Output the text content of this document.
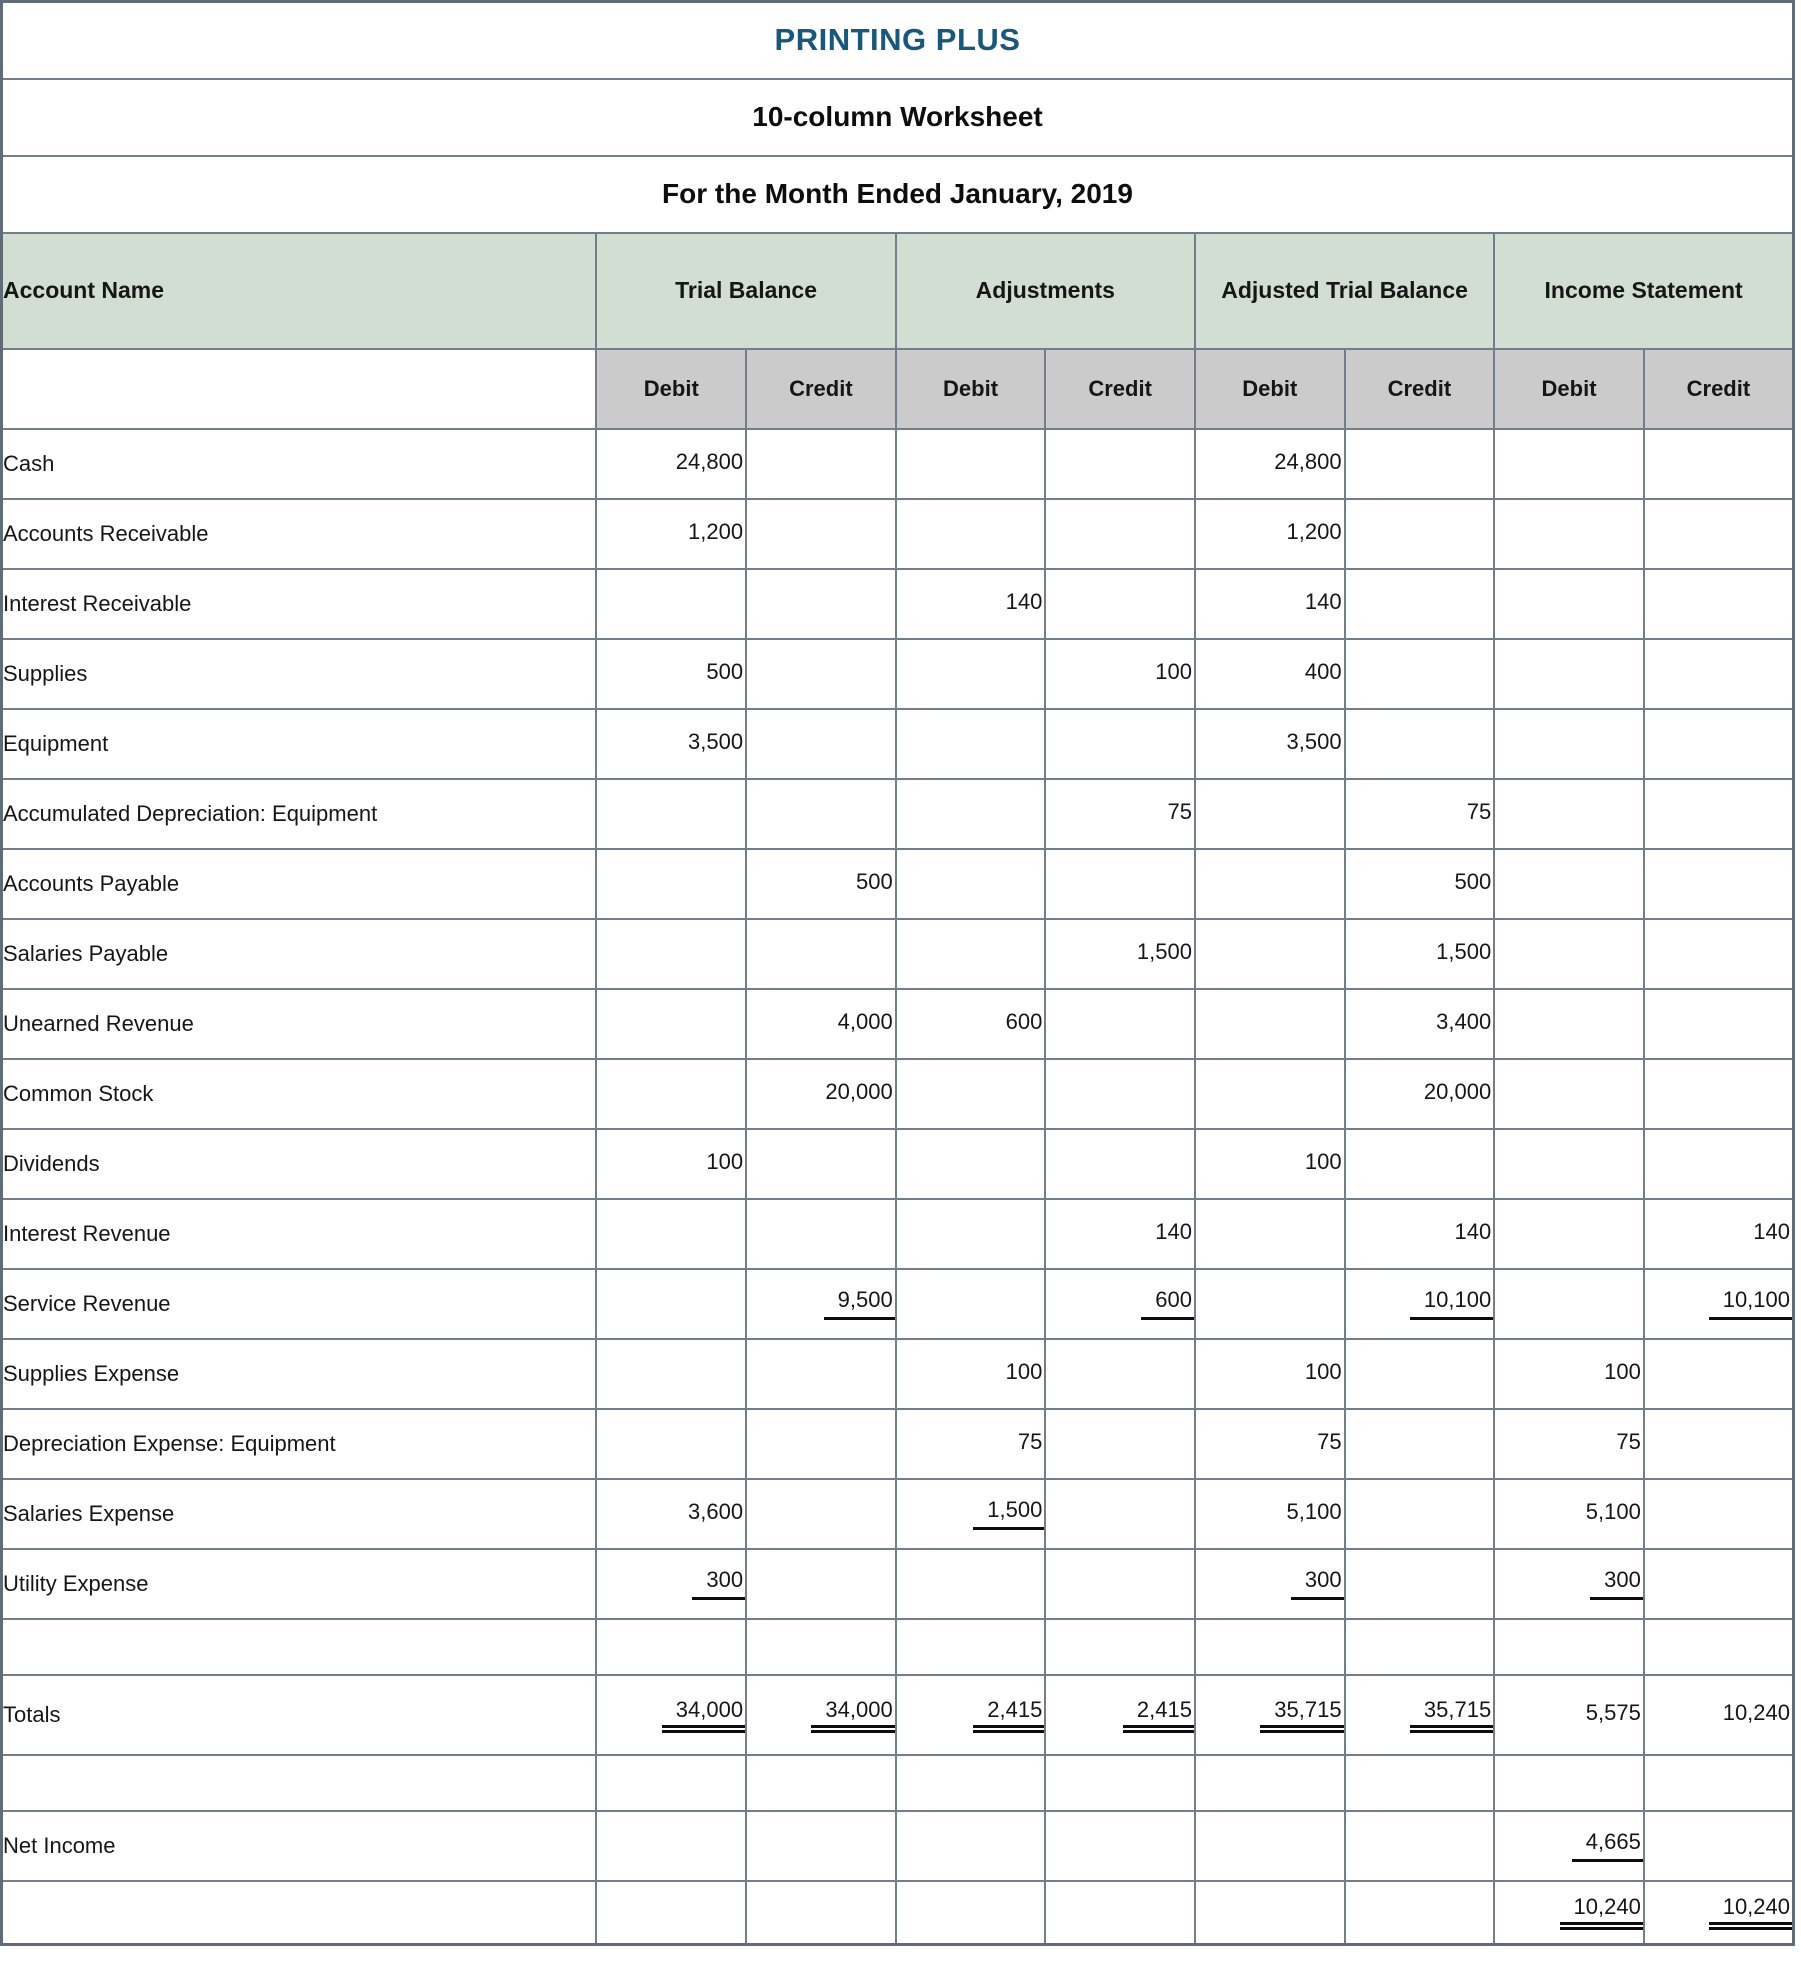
PRINTING PLUS								
10-column Worksheet								
For the Month Ended January, 2019								
Account Name	Trial Balance		Adjustments		Adjusted Trial Balance		Income Statement	
	Debit	Credit	Debit	Credit	Debit	Credit	Debit	Credit
Cash	24,800				24,800			
Accounts Receivable	1,200				1,200			
Interest Receivable			140		140			
Supplies	500			100	400			
Equipment	3,500				3,500			
Accumulated Depreciation: Equipment				75		75		
Accounts Payable		500				500		
Salaries Payable				1,500		1,500		
Unearned Revenue		4,000	600			3,400		
Common Stock		20,000				20,000		
Dividends	100				100			
Interest Revenue				140		140		140
Service Revenue		9,500		600		10,100		10,100
Supplies Expense			100		100		100	
Depreciation Expense: Equipment			75		75		75	
Salaries Expense	3,600		1,500		5,100		5,100	
Utility Expense	300				300		300	

Totals	34,000	34,000	2,415	2,415	35,715	35,715	5,575	10,240

Net Income							4,665	
							10,240	10,240
